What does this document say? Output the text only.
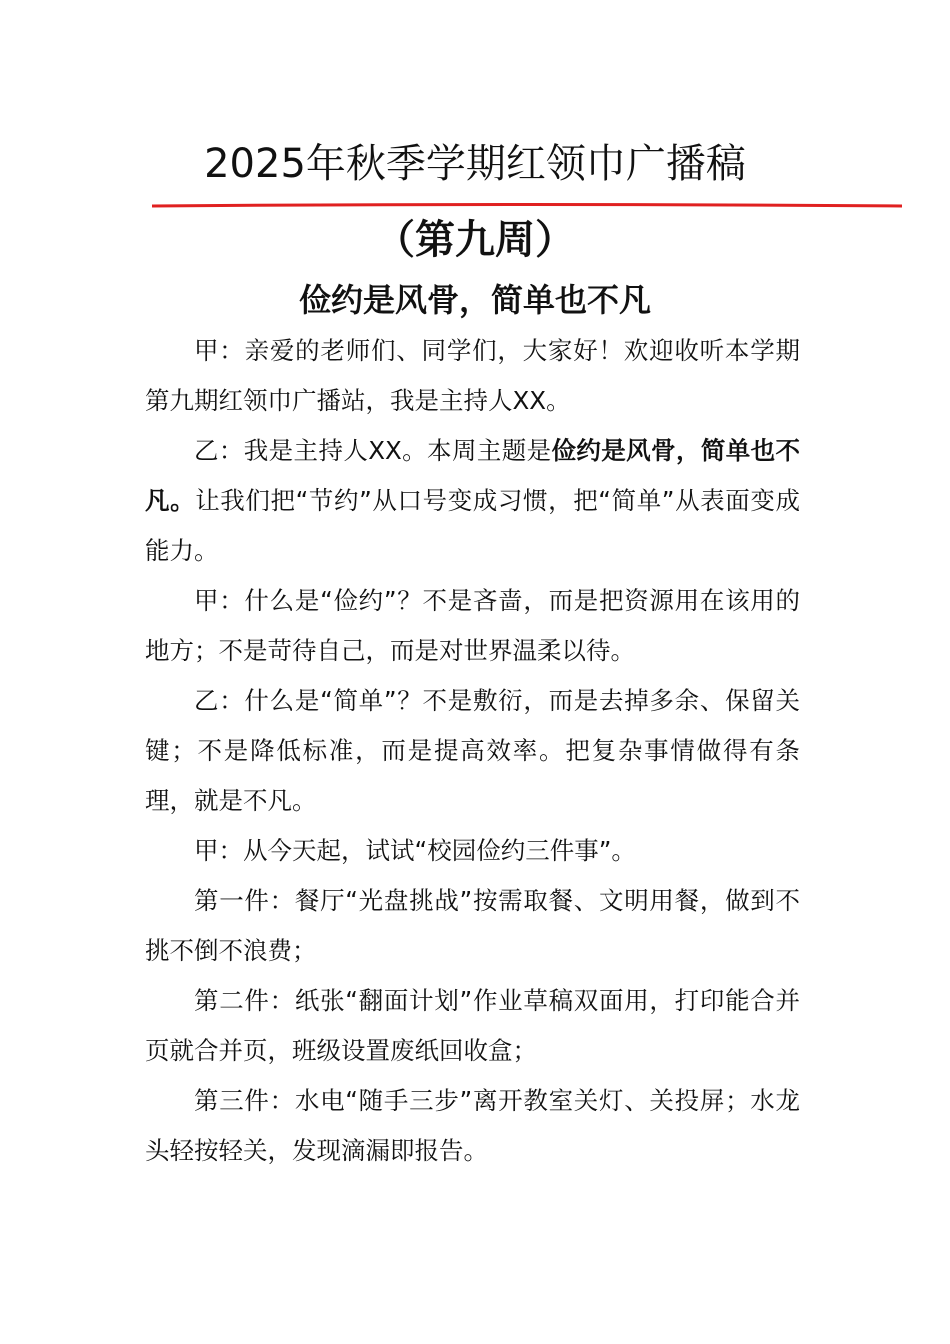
2025年秋季学期红领巾广播稿
（第九周）
俭约是风骨，简单也不凡

甲：亲爱的老师们、同学们，大家好！欢迎收听本学期第九期红领巾广播站，我是主持人XX。

乙：我是主持人XX。本周主题是俭约是风骨，简单也不凡。让我们把“节约”从口号变成习惯，把“简单”从表面变成能力。

甲：什么是“俭约”？不是吝啬，而是把资源用在该用的地方；不是苛待自己，而是对世界温柔以待。

乙：什么是“简单”？不是敷衍，而是去掉多余、保留关键；不是降低标准，而是提高效率。把复杂事情做得有条理，就是不凡。

甲：从今天起，试试“校园俭约三件事”。

第一件：餐厅“光盘挑战”按需取餐、文明用餐，做到不挑不倒不浪费；

第二件：纸张“翻面计划”作业草稿双面用，打印能合并页就合并页，班级设置废纸回收盒；

第三件：水电“随手三步”离开教室关灯、关投屏；水龙头轻按轻关，发现滴漏即报告。
